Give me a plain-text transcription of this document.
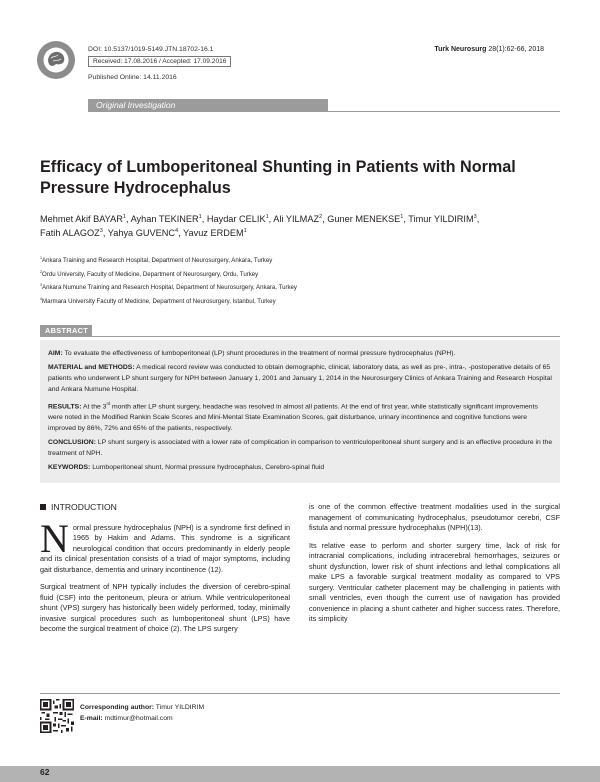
DOI: 10.5137/1019-5149.JTN.18702-16.1
Received: 17.08.2016 / Accepted: 17.09.2016
Published Online: 14.11.2016
Turk Neurosurg 28(1):62-66, 2018
Original Investigation
Efficacy of Lumboperitoneal Shunting in Patients with Normal Pressure Hydrocephalus
Mehmet Akif BAYAR$^1$, Ayhan TEKINER$^1$, Haydar CELIK$^1$, Ali YILMAZ$^2$, Guner MENEKSE$^1$, Timur YILDIRIM$^3$,
Fatih ALAGOZ$^3$, Yahya GUVENC$^4$, Yavuz ERDEM$^1$
$^1$Ankara Training and Research Hospital, Department of Neurosurgery, Ankara, Turkey
$^2$Ordu University, Faculty of Medicine, Department of Neurosurgery, Ordu, Turkey
$^3$Ankara Numune Training and Research Hospital, Department of Neurosurgery, Ankara, Turkey
$^4$Marmara University Faculty of Medicine, Department of Neurosurgery, Istanbul, Turkey
ABSTRACT

AIM: To evaluate the effectiveness of lumboperitoneal (LP) shunt procedures in the treatment of normal pressure hydrocephalus (NPH).

MATERIAL and METHODS: A medical record review was conducted to obtain demographic, clinical, laboratory data, as well as pre-, intra-, -postoperative details of 65 patients who underwent LP shunt surgery for NPH between January 1, 2001 and January 1, 2014 in the Neurosurgery Clinics of Ankara Training and Research Hospital and Ankara Numune Hospital.

RESULTS: At the 3rd month after LP shunt surgery, headache was resolved in almost all patients. At the end of first year, while statistically significant improvements were noted in the Modified Rankin Scale Scores and Mini-Mental State Examination Scores, gait disturbance, urinary incontinence and cognitive functions were improved by 86%, 72% and 65% of the patients, respectively.

CONCLUSION: LP shunt surgery is associated with a lower rate of complication in comparison to ventriculoperitoneal shunt surgery and is an effective procedure in the treatment of NPH.

KEYWORDS: Lumboperitoneal shunt, Normal pressure hydrocephalus, Cerebro-spinal fluid

INTRODUCTION

Normal pressure hydrocephalus (NPH) is a syndrome first defined in 1965 by Hakim and Adams. This syndrome is a significant neurological condition that occurs predominantly in elderly people and its clinical presentation consists of a triad of major symptoms, including gait disturbance, dementia and urinary incontinence (12).

Surgical treatment of NPH typically includes the diversion of cerebro-spinal fluid (CSF) into the peritoneum, pleura or atrium. While ventriculoperitoneal shunt (VPS) surgery has historically been widely performed, today, minimally invasive surgical procedures such as lumboperitoneal shunt (LPS) have become the surgical treatment of choice (2). The LPS surgery

is one of the common effective treatment modalities used in the surgical management of communicating hydrocephalus, pseudotumor cerebri, CSF fistula and normal pressure hydrocephalus (NPH)(13).

Its relative ease to perform and shorter surgery time, lack of risk for intracranial complications, including intracerebral hemorrhages, seizures or shunt dysfunction, lower risk of shunt infections and lethal complications all make LPS a favorable surgical treatment modality as compared to VPS surgery. Ventricular catheter placement may be challenging in patients with small ventricles, even though the current use of navigation has provided convenience in placing a shunt catheter and higher success rates. Therefore, its simplicity

Corresponding author: Timur YILDIRIM
E-mail: mdtimur@hotmail.com
62
